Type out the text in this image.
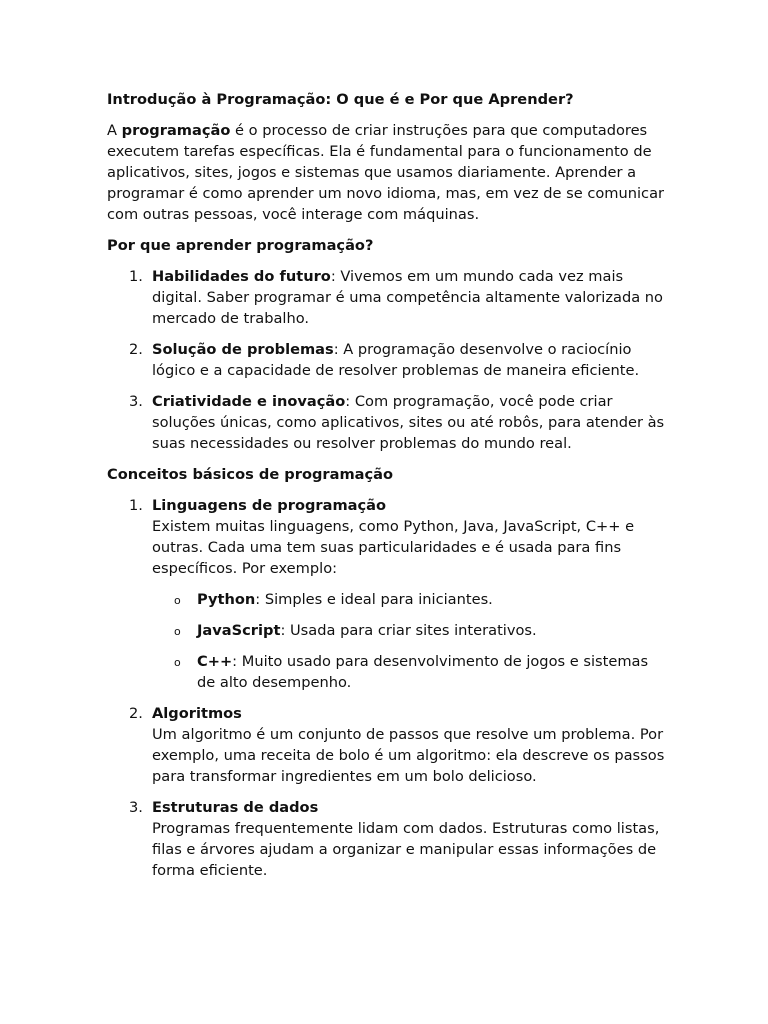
Introdução à Programação: O que é e Por que Aprender?

A programação é o processo de criar instruções para que computadores executem tarefas específicas. Ela é fundamental para o funcionamento de aplicativos, sites, jogos e sistemas que usamos diariamente. Aprender a programar é como aprender um novo idioma, mas, em vez de se comunicar com outras pessoas, você interage com máquinas.

Por que aprender programação?
1. Habilidades do futuro: Vivemos em um mundo cada vez mais digital. Saber programar é uma competência altamente valorizada no mercado de trabalho.
2. Solução de problemas: A programação desenvolve o raciocínio lógico e a capacidade de resolver problemas de maneira eficiente.
3. Criatividade e inovação: Com programação, você pode criar soluções únicas, como aplicativos, sites ou até robôs, para atender às suas necessidades ou resolver problemas do mundo real.
Conceitos básicos de programação
1. Linguagens de programação
Existem muitas linguagens, como Python, Java, JavaScript, C++ e outras. Cada uma tem suas particularidades e é usada para fins específicos. Por exemplo:
o Python: Simples e ideal para iniciantes.
o JavaScript: Usada para criar sites interativos.
o C++: Muito usado para desenvolvimento de jogos e sistemas de alto desempenho.
2. Algoritmos
Um algoritmo é um conjunto de passos que resolve um problema. Por exemplo, uma receita de bolo é um algoritmo: ela descreve os passos para transformar ingredientes em um bolo delicioso.
3. Estruturas de dados
Programas frequentemente lidam com dados. Estruturas como listas, filas e árvores ajudam a organizar e manipular essas informações de forma eficiente.
